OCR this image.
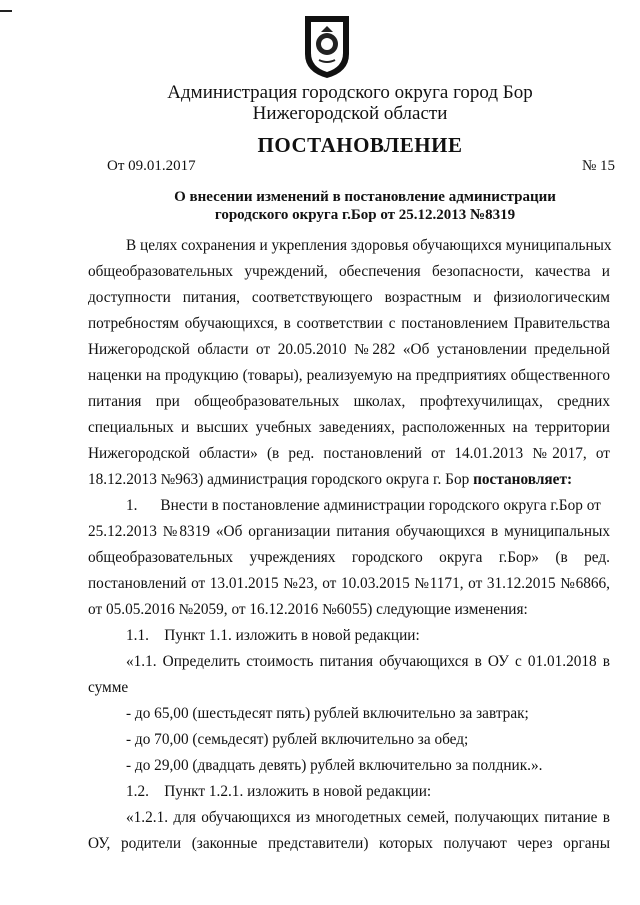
Администрация городского округа город Бор
Нижегородской области
ПОСТАНОВЛЕНИЕ
От 09.01.2017	№ 15
О внесении изменений в постановление администрации
городского округа г.Бор от 25.12.2013 №8319
В целях сохранения и укрепления здоровья обучающихся муниципальных
общеобразовательных учреждений, обеспечения безопасности, качества и
доступности питания, соответствующего возрастным и физиологическим
потребностям обучающихся, в соответствии с постановлением Правительства
Нижегородской области от 20.05.2010 №282 «Об установлении предельной
наценки на продукцию (товары), реализуемую на предприятиях общественного
питания при общеобразовательных школах, профтехучилищах, средних
специальных и высших учебных заведениях, расположенных на территории
Нижегородской области» (в ред. постановлений от 14.01.2013 №2017, от
18.12.2013 №963) администрация городского округа г. Бор постановляет:
1.      Внести в постановление администрации городского округа г.Бор от
25.12.2013 №8319 «Об организации питания обучающихся в муниципальных
общеобразовательных учреждениях городского округа г.Бор» (в ред.
постановлений от 13.01.2015 №23, от 10.03.2015 №1171, от 31.12.2015 №6866,
от 05.05.2016 №2059, от 16.12.2016 №6055) следующие изменения:
1.1.    Пункт 1.1. изложить в новой редакции:
«1.1. Определить стоимость питания обучающихся в ОУ с 01.01.2018 в
сумме
- до 65,00 (шестьдесят пять) рублей включительно за завтрак;
- до 70,00 (семьдесят) рублей включительно за обед;
- до 29,00 (двадцать девять) рублей включительно за полдник.».
1.2.    Пункт 1.2.1. изложить в новой редакции:
«1.2.1. для обучающихся из многодетных семей, получающих питание в
ОУ, родители (законные представители) которых получают через органы
